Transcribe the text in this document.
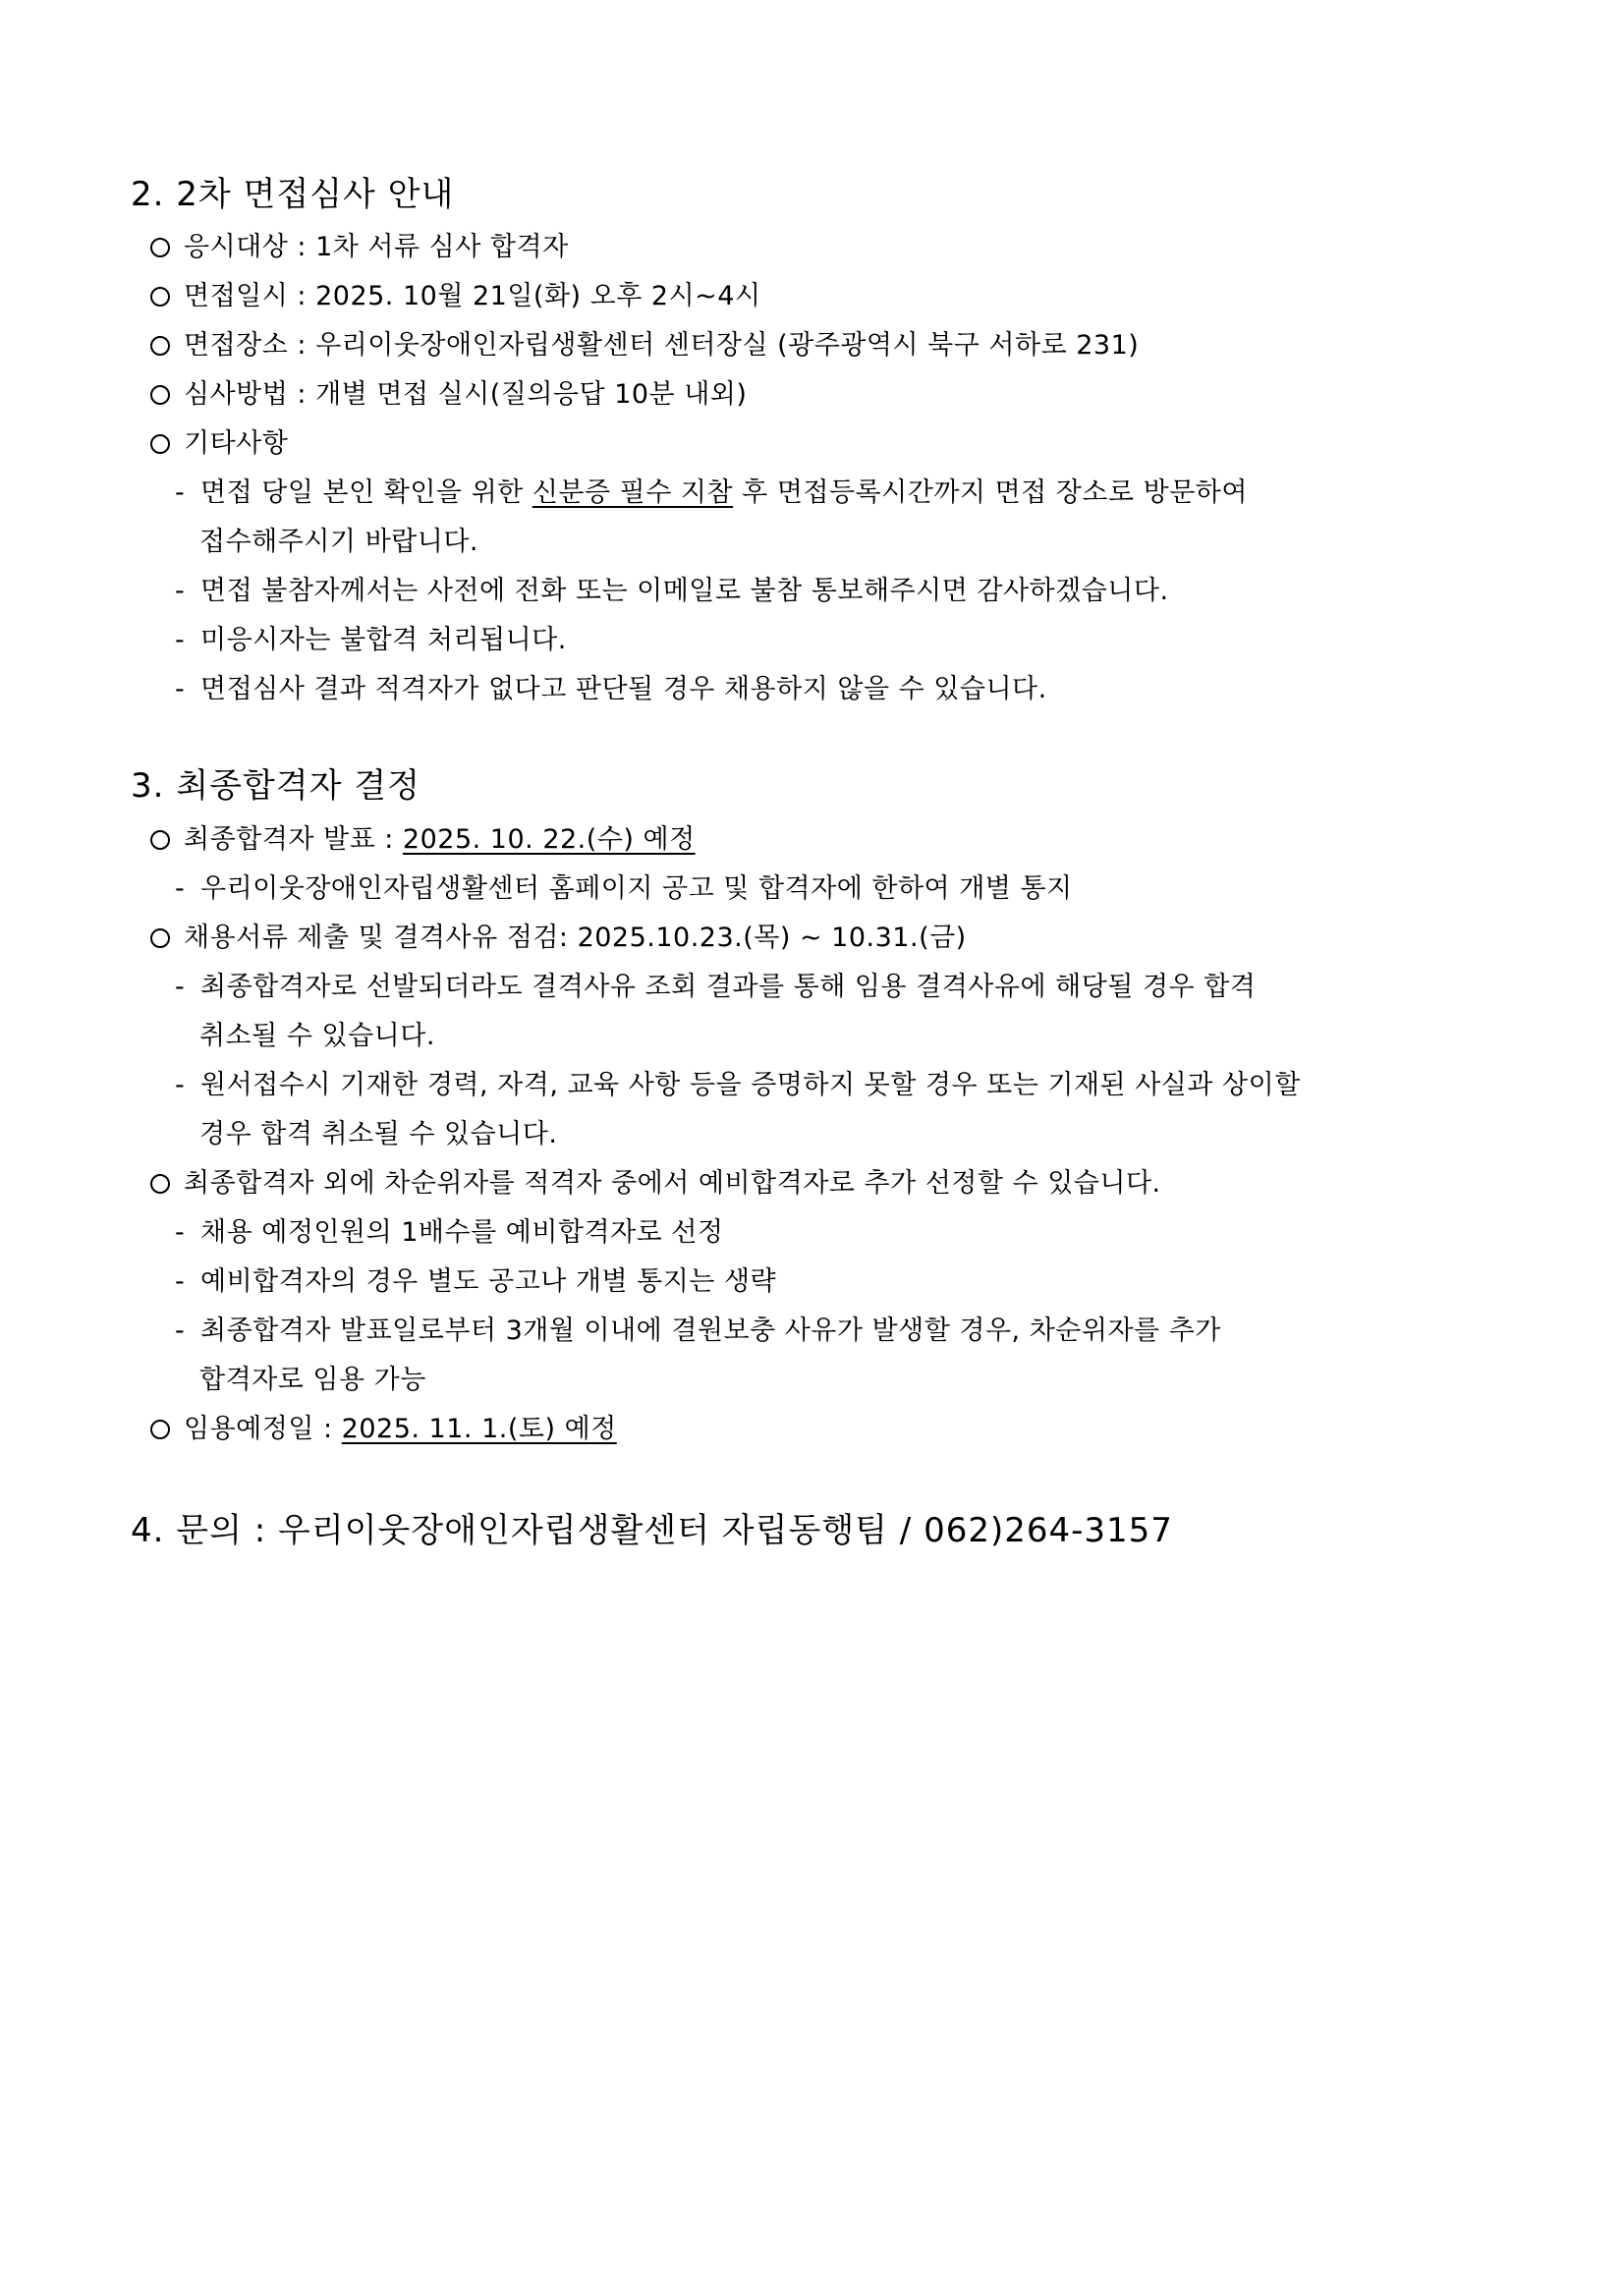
2. 2차 면접심사 안내
응시대상 : 1차 서류 심사 합격자
면접일시 : 2025. 10월 21일(화) 오후 2시~4시
면접장소 : 우리이웃장애인자립생활센터 센터장실 (광주광역시 북구 서하로 231)
심사방법 : 개별 면접 실시(질의응답 10분 내외)
기타사항
- 면접 당일 본인 확인을 위한 신분증 필수 지참 후 면접등록시간까지 면접 장소로 방문하여
접수해주시기 바랍니다.
- 면접 불참자께서는 사전에 전화 또는 이메일로 불참 통보해주시면 감사하겠습니다.
- 미응시자는 불합격 처리됩니다.
- 면접심사 결과 적격자가 없다고 판단될 경우 채용하지 않을 수 있습니다.
3. 최종합격자 결정
최종합격자 발표 : 2025. 10. 22.(수) 예정
- 우리이웃장애인자립생활센터 홈페이지 공고 및 합격자에 한하여 개별 통지
채용서류 제출 및 결격사유 점검: 2025.10.23.(목) ~ 10.31.(금)
- 최종합격자로 선발되더라도 결격사유 조회 결과를 통해 임용 결격사유에 해당될 경우 합격
취소될 수 있습니다.
- 원서접수시 기재한 경력, 자격, 교육 사항 등을 증명하지 못할 경우 또는 기재된 사실과 상이할
경우 합격 취소될 수 있습니다.
최종합격자 외에 차순위자를 적격자 중에서 예비합격자로 추가 선정할 수 있습니다.
- 채용 예정인원의 1배수를 예비합격자로 선정
- 예비합격자의 경우 별도 공고나 개별 통지는 생략
- 최종합격자 발표일로부터 3개월 이내에 결원보충 사유가 발생할 경우, 차순위자를 추가
합격자로 임용 가능
임용예정일 : 2025. 11. 1.(토) 예정
4. 문의 : 우리이웃장애인자립생활센터 자립동행팀 / 062)264-3157
